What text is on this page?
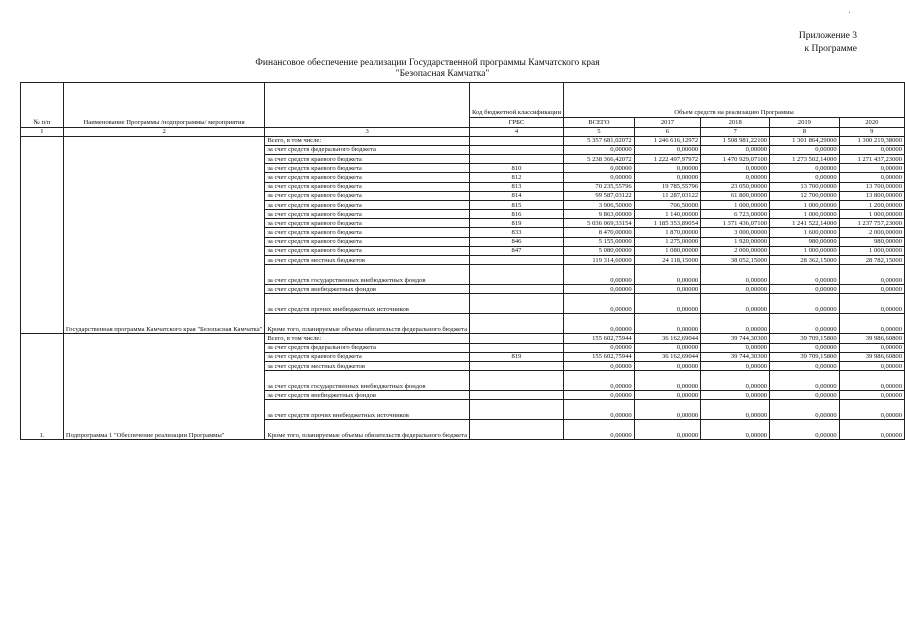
Приложение 3
к Программе
Финансовое обеспечение реализации Государственной программы Камчатского края
"Безопасная Камчатка"
№ п/п	Наименование Программы /подпрограммы/ мероприятия		Код бюджетной классификации	Объем средств на реализацию Программы				
			ГРБС	ВСЕГО	2017	2018	2019	2020
1	2	3	4	5	6	7	8	9
	Государственная программа Камчатского края "Безопасная Камчатка"	Всего, в том числе:		5 357 681,02072	1 246 616,12972	1 508 981,22100	1 301 864,29000	1 300 219,38000
		за счет средств федерального бюджета		0,00000	0,00000	0,00000	0,00000	0,00000
		за счет средств краевого бюджета		5 238 366,42072	1 222 497,97972	1 470 929,07100	1 273 502,14000	1 271 437,23000
		за счет средств краевого бюджета	810	0,00000	0,00000	0,00000	0,00000	0,00000
		за счет средств краевого бюджета	812	0,00000	0,00000	0,00000	0,00000	0,00000
		за счет средств краевого бюджета	813	70 235,55796	19 785,55796	23 050,00000	13 700,00000	13 700,00000
		за счет средств краевого бюджета	814	99 587,03122	11 287,03122	61 800,00000	12 700,00000	13 800,00000
		за счет средств краевого бюджета	815	3 906,50000	706,50000	1 000,00000	1 000,00000	1 200,00000
		за счет средств краевого бюджета	816	9 863,00000	1 140,00000	6 723,00000	1 000,00000	1 000,00000
		за счет средств краевого бюджета	819	5 036 069,33154	1 185 353,89054	1 371 436,07100	1 241 522,14000	1 237 757,23000
		за счет средств краевого бюджета	833	8 470,00000	1 870,00000	3 000,00000	1 600,00000	2 000,00000
		за счет средств краевого бюджета	846	5 155,00000	1 275,00000	1 920,00000	980,00000	980,00000
		за счет средств краевого бюджета	847	5 080,00000	1 080,00000	2 000,00000	1 000,00000	1 000,00000
		за счет средств местных бюджетов		119 314,60000	24 118,15000	38 052,15000	28 362,15000	28 782,15000
		за счет средств государственных внебюджетных фондов		0,00000	0,00000	0,00000	0,00000	0,00000
		за счет средств внебюджетных фондов		0,00000	0,00000	0,00000	0,00000	0,00000
		за счет средств прочих внебюджетных источников		0,00000	0,00000	0,00000	0,00000	0,00000
		Кроме того, планируемые объемы обязательств федерального бюджета		0,00000	0,00000	0,00000	0,00000	0,00000
1.	Подпрограмма 1 "Обеспечение реализации Программы"	Всего, в том числе:		155 602,75944	36 162,69044	39 744,30300	39 709,15800	39 986,60800
		за счет средств федерального бюджета		0,00000	0,00000	0,00000	0,00000	0,00000
		за счет средств краевого бюджета	819	155 602,75944	36 162,69044	39 744,30300	39 709,15800	39 986,60800
		за счет средств местных бюджетов		0,00000	0,00000	0,00000	0,00000	0,00000
		за счет средств государственных внебюджетных фондов		0,00000	0,00000	0,00000	0,00000	0,00000
		за счет средств внебюджетных фондов		0,00000	0,00000	0,00000	0,00000	0,00000
		за счет средств прочих внебюджетных источников		0,00000	0,00000	0,00000	0,00000	0,00000
		Кроме того, планируемые объемы обязательств федерального бюджета		0,00000	0,00000	0,00000	0,00000	0,00000
